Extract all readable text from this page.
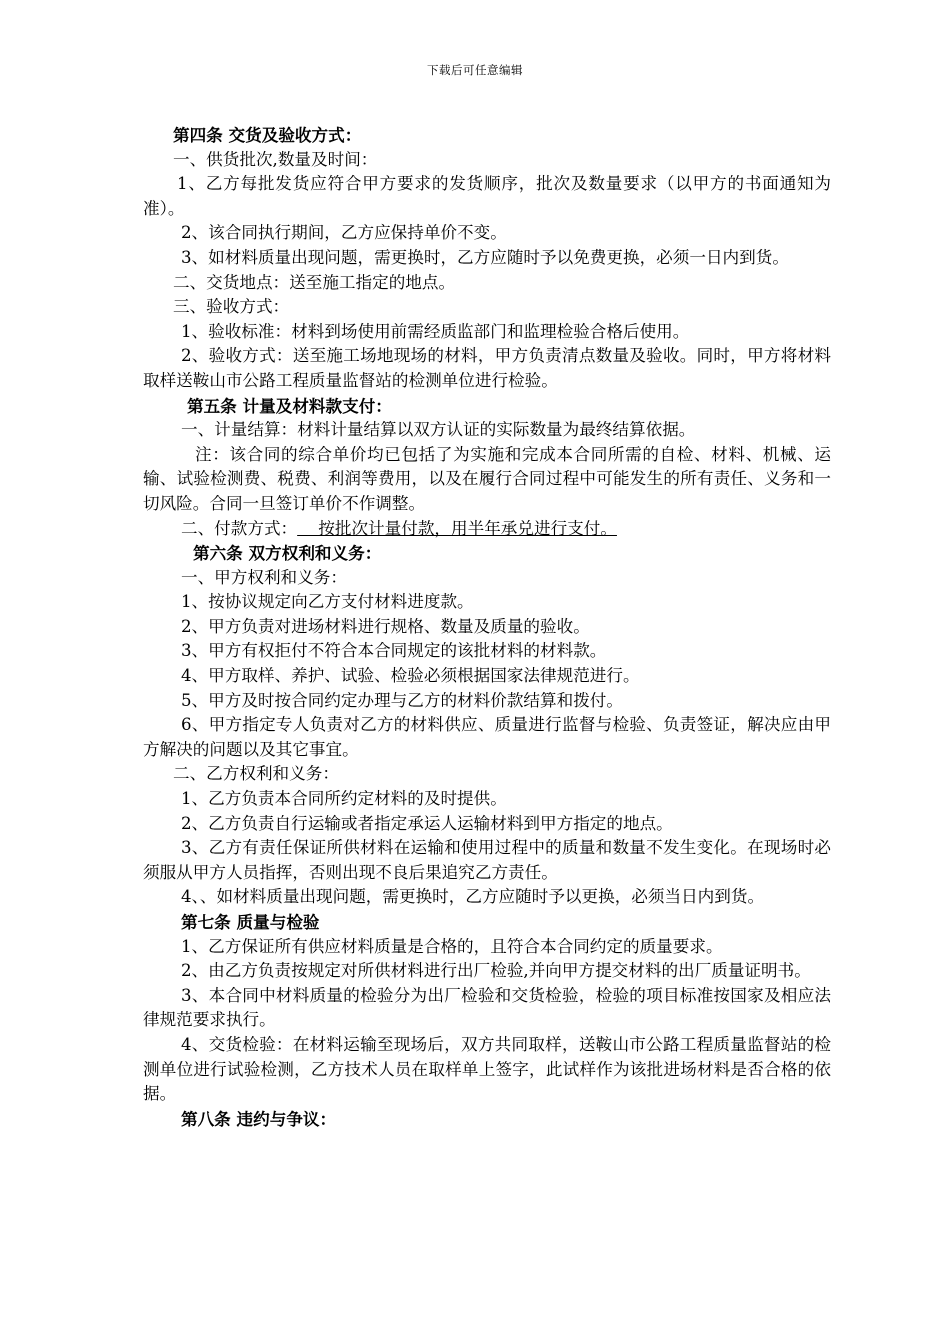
下载后可任意编辑

第四条 交货及验收方式：

一、供货批次,数量及时间：

1、乙方每批发货应符合甲方要求的发货顺序，批次及数量要求（以甲方的书面通知为准）。

2、该合同执行期间，乙方应保持单价不变。

3、如材料质量出现问题，需更换时，乙方应随时予以免费更换，必须一日内到货。

二、交货地点：送至施工指定的地点。

三、验收方式：

1、验收标准：材料到场使用前需经质监部门和监理检验合格后使用。

2、验收方式：送至施工场地现场的材料，甲方负责清点数量及验收。同时，甲方将材料取样送鞍山市公路工程质量监督站的检测单位进行检验。

第五条 计量及材料款支付：

一、计量结算：材料计量结算以双方认证的实际数量为最终结算依据。

注：该合同的综合单价均已包括了为实施和完成本合同所需的自检、材料、机械、运输、试验检测费、税费、利润等费用，以及在履行合同过程中可能发生的所有责任、义务和一切风险。合同一旦签订单价不作调整。

二、付款方式：    按批次计量付款，用半年承兑进行支付。

第六条 双方权利和义务：

一、甲方权利和义务：

1、按协议规定向乙方支付材料进度款。

2、甲方负责对进场材料进行规格、数量及质量的验收。

3、甲方有权拒付不符合本合同规定的该批材料的材料款。

4、甲方取样、养护、试验、检验必须根据国家法律规范进行。

5、甲方及时按合同约定办理与乙方的材料价款结算和拨付。

6、甲方指定专人负责对乙方的材料供应、质量进行监督与检验、负责签证，解决应由甲方解决的问题以及其它事宜。

二、乙方权利和义务：

1、乙方负责本合同所约定材料的及时提供。

2、乙方负责自行运输或者指定承运人运输材料到甲方指定的地点。

3、乙方有责任保证所供材料在运输和使用过程中的质量和数量不发生变化。在现场时必须服从甲方人员指挥，否则出现不良后果追究乙方责任。

4、、如材料质量出现问题，需更换时，乙方应随时予以更换，必须当日内到货。

第七条 质量与检验

1、乙方保证所有供应材料质量是合格的，且符合本合同约定的质量要求。

2、由乙方负责按规定对所供材料进行出厂检验,并向甲方提交材料的出厂质量证明书。

3、本合同中材料质量的检验分为出厂检验和交货检验，检验的项目标准按国家及相应法律规范要求执行。

4、交货检验：在材料运输至现场后，双方共同取样，送鞍山市公路工程质量监督站的检测单位进行试验检测，乙方技术人员在取样单上签字，此试样作为该批进场材料是否合格的依据。

第八条 违约与争议：
